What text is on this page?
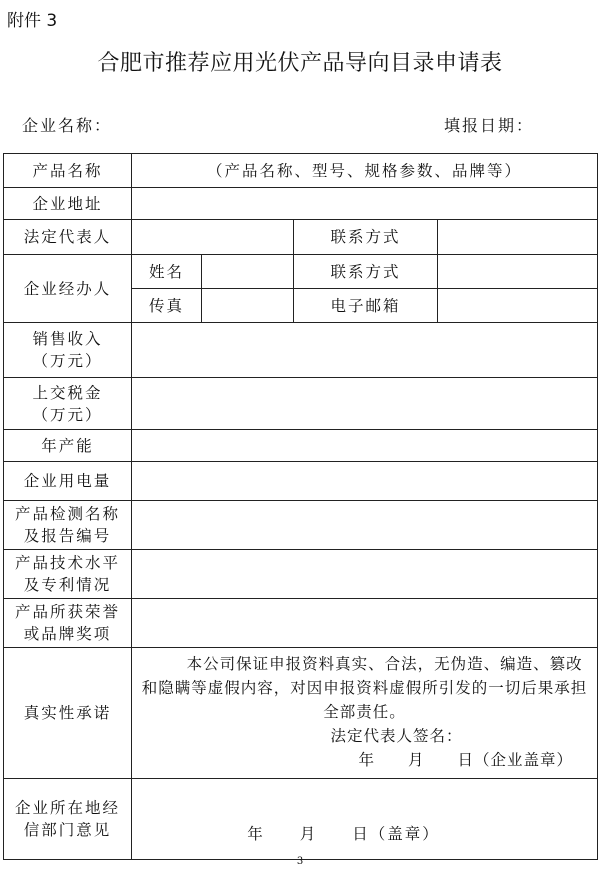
附件 3
合肥市推荐应用光伏产品导向目录申请表
企业名称：	填报日期：
产品名称	（产品名称、型号、规格参数、品牌等）			
企业地址				
法定代表人			联系方式	
企业经办人	姓名		联系方式	
	传真		电子邮箱	

销售收入
（万元）				

上交税金
（万元）				

年产能				
企业用电量				

产品检测名称
及报告编号				

产品技术水平
及专利情况				

产品所获荣誉
或品牌奖项				

真实性承诺	本公司保证申报资料真实、合法，无伪造、编造、篡改和隐瞒等虚假内容，对因申报资料虚假所引发的一切后果承担全部责任。
法定代表人签名：
年　　月　　日（企业盖章）			

企业所在地经
信部门意见	年　　月　　日（盖章）			
3
